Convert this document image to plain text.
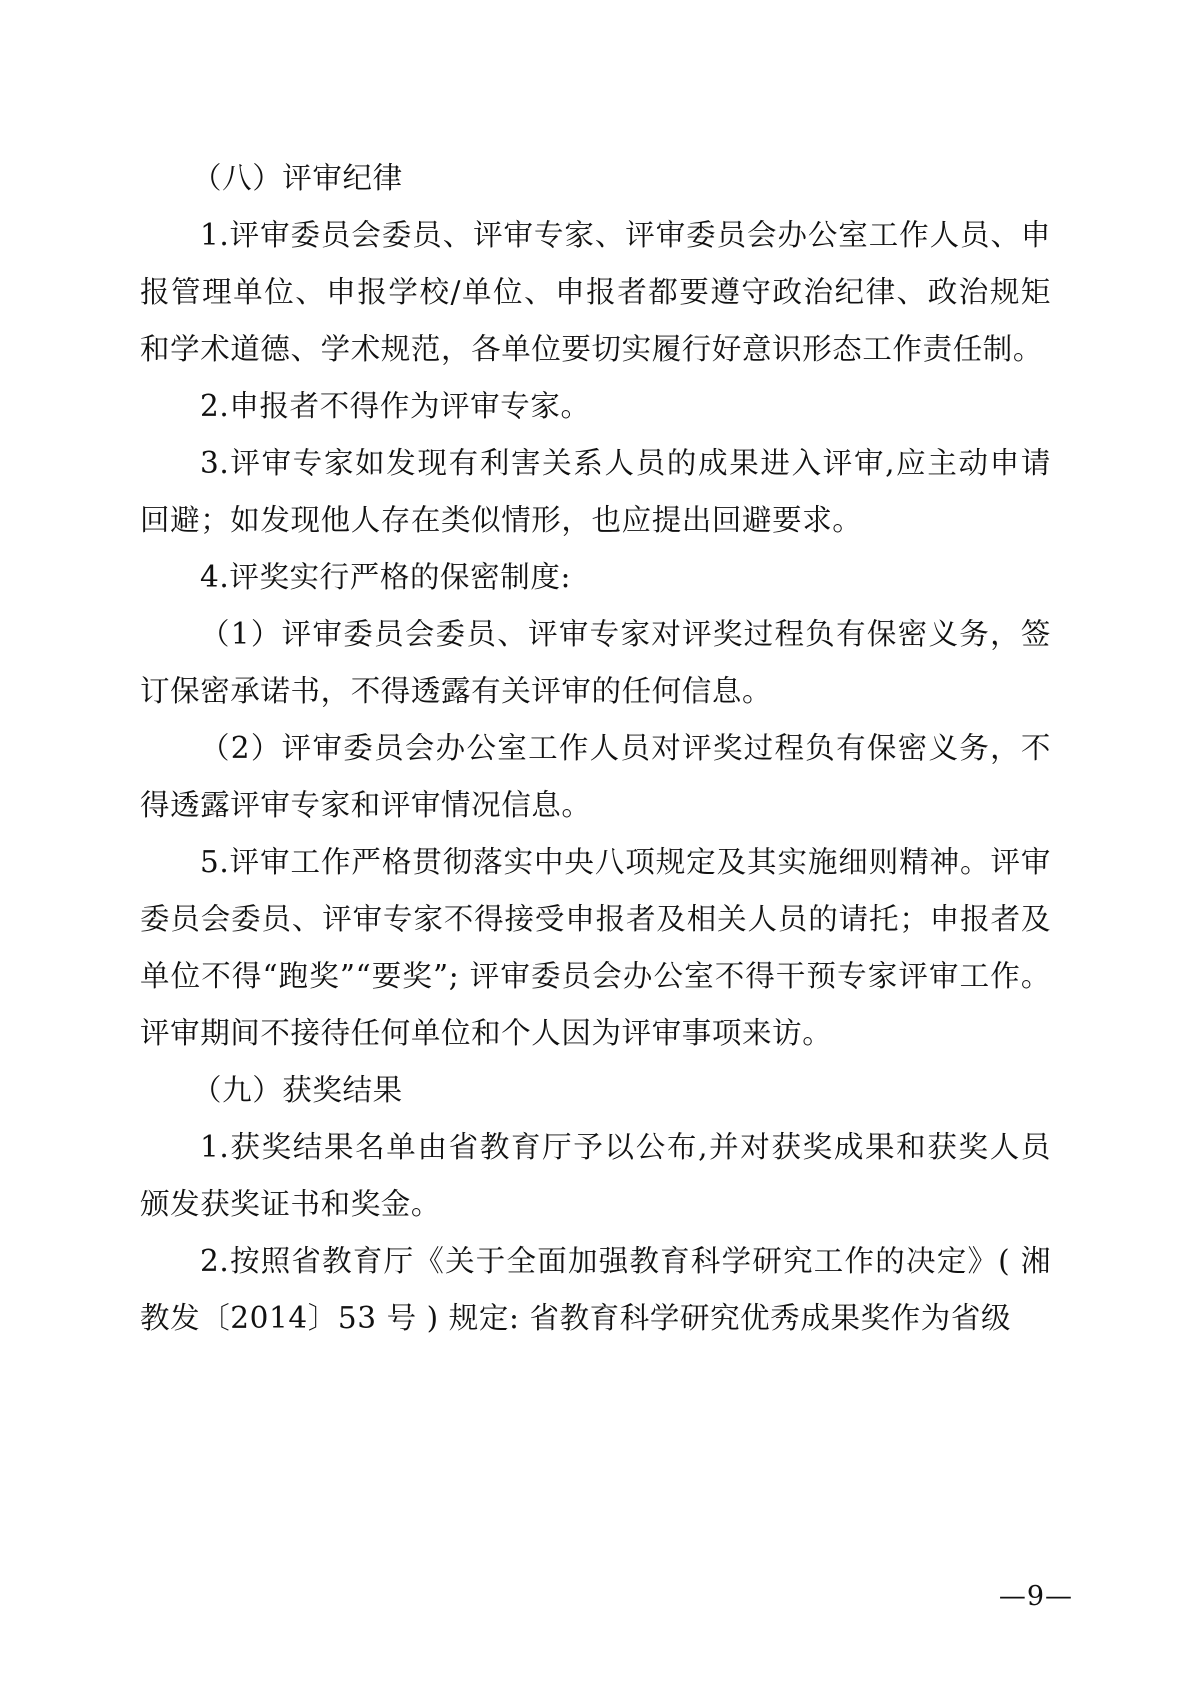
（八）评审纪律

1.评审委员会委员、评审专家、评审委员会办公室工作人员、申报管理单位、申报学校/单位、申报者都要遵守政治纪律、政治规矩和学术道德、学术规范，各单位要切实履行好意识形态工作责任制。

2.申报者不得作为评审专家。

3.评审专家如发现有利害关系人员的成果进入评审,应主动申请回避；如发现他人存在类似情形，也应提出回避要求。

4.评奖实行严格的保密制度:

（1）评审委员会委员、评审专家对评奖过程负有保密义务，签订保密承诺书，不得透露有关评审的任何信息。

（2）评审委员会办公室工作人员对评奖过程负有保密义务，不得透露评审专家和评审情况信息。

5.评审工作严格贯彻落实中央八项规定及其实施细则精神。评审委员会委员、评审专家不得接受申报者及相关人员的请托；申报者及单位不得“跑奖”“要奖”; 评审委员会办公室不得干预专家评审工作。评审期间不接待任何单位和个人因为评审事项来访。

（九）获奖结果

1.获奖结果名单由省教育厅予以公布,并对获奖成果和获奖人员颁发获奖证书和奖金。

2.按照省教育厅《关于全面加强教育科学研究工作的决定》( 湘教发〔2014〕53 号 ) 规定: 省教育科学研究优秀成果奖作为省级

—9—
